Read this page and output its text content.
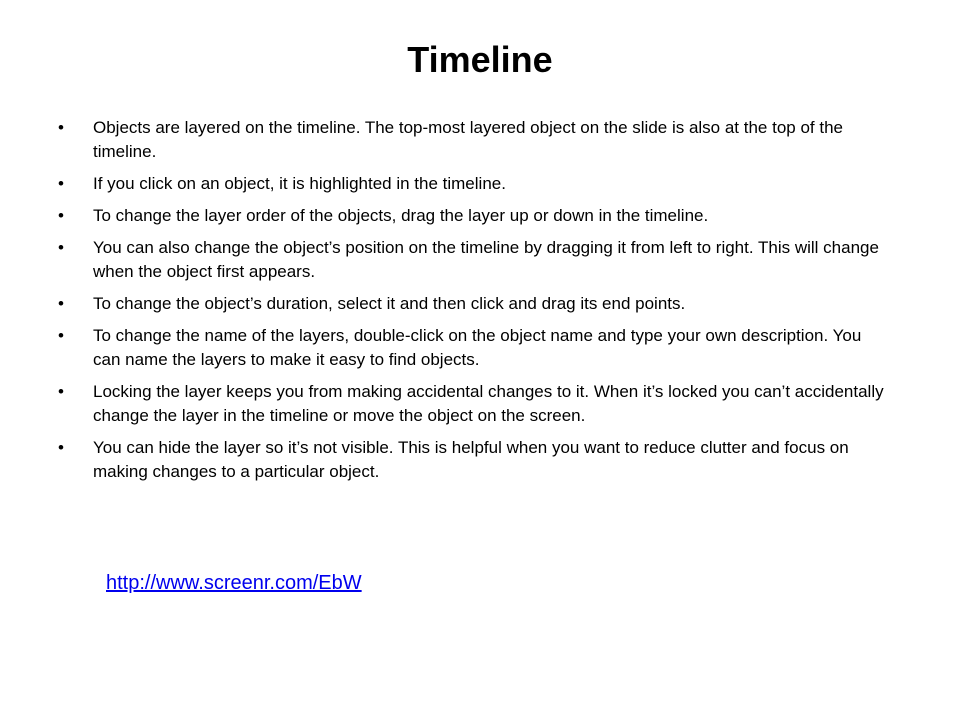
Timeline
•	Objects are layered on the timeline. The top-most layered object on the slide is also at the top of the timeline.
•	If you click on an object, it is highlighted in the timeline.
•	To change the layer order of the objects, drag the layer up or down in the timeline.
•	You can also change the object’s position on the timeline by dragging it from left to right. This will change when the object first appears.
•	To change the object’s duration, select it and then click and drag its end points.
•	To change the name of the layers, double-click on the object name and type your own description. You can name the layers to make it easy to find objects.
•	Locking the layer keeps you from making accidental changes to it. When it’s locked you can’t accidentally change the layer in the timeline or move the object on the screen.
•	You can hide the layer so it’s not visible. This is helpful when you want to reduce clutter and focus on making changes to a particular object.
http://www.screenr.com/EbW
